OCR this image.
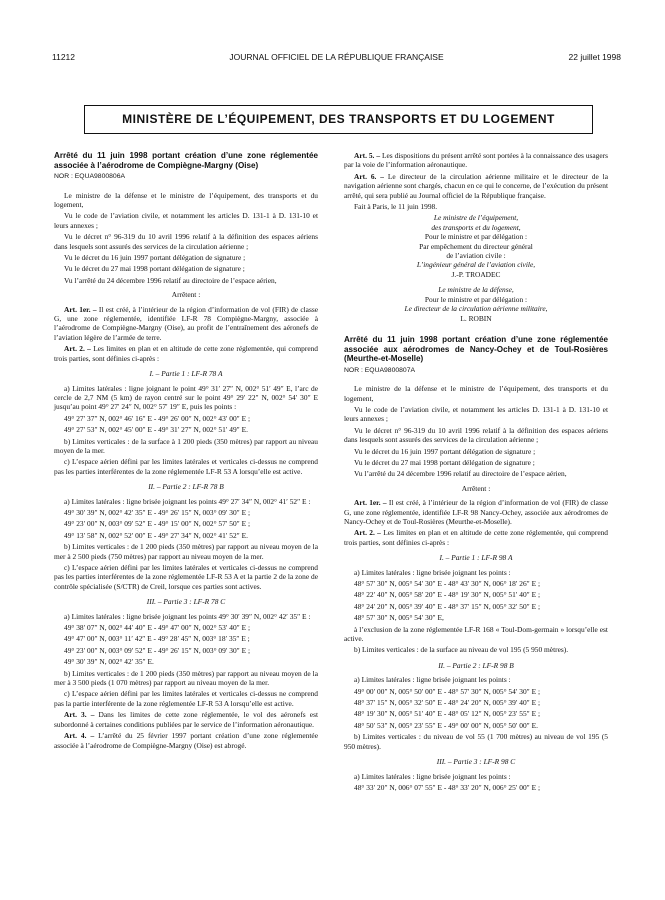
11212	JOURNAL OFFICIEL DE LA RÉPUBLIQUE FRANÇAISE	22 juillet 1998
MINISTÈRE DE L’ÉQUIPEMENT, DES TRANSPORTS ET DU LOGEMENT

Arrêté du 11 juin 1998 portant création d’une zone réglementée associée à l’aérodrome de Compiègne-Margny (Oise)

NOR : EQUA9800806A

Le ministre de la défense et le ministre de l’équipement, des transports et du logement,

Vu le code de l’aviation civile, et notamment les articles D. 131-1 à D. 131-10 et leurs annexes ;

Vu le décret n° 96-319 du 10 avril 1996 relatif à la définition des espaces aériens dans lesquels sont assurés des services de la circulation aérienne ;

Vu le décret du 16 juin 1997 portant délégation de signature ;

Vu le décret du 27 mai 1998 portant délégation de signature ;

Vu l’arrêté du 24 décembre 1996 relatif au directoire de l’espace aérien,

Arrêtent :

Art. 1er. – Il est créé, à l’intérieur de la région d’information de vol (FIR) de classe G, une zone réglementée, identifiée LF-R 78 Compiègne-Margny, associée à l’aérodrome de Compiègne-Margny (Oise), au profit de l’entraînement des aéronefs de l’aviation légère de l’armée de terre.

Art. 2. – Les limites en plan et en altitude de cette zone réglementée, qui comprend trois parties, sont définies ci-après :

I. – Partie 1 : LF-R 78 A

a) Limites latérales : ligne joignant le point 49° 31′ 27″ N, 002° 51′ 49″ E, l’arc de cercle de 2,7 NM (5 km) de rayon centré sur le point 49° 29′ 22″ N, 002° 54′ 30″ E jusqu’au point 49° 27′ 24″ N, 002° 57′ 19″ E, puis les points :

49° 27′ 37″ N, 002° 46′ 16″ E - 49° 26′ 00″ N, 002° 43′ 00″ E ;

49° 27′ 53″ N, 002° 45′ 00″ E - 49° 31′ 27″ N, 002° 51′ 49″ E.

b) Limites verticales : de la surface à 1 200 pieds (350 mètres) par rapport au niveau moyen de la mer.

c) L’espace aérien défini par les limites latérales et verticales ci-dessus ne comprend pas les parties interférentes de la zone réglementée LF-R 53 A lorsqu’elle est active.

II. – Partie 2 : LF-R 78 B

a) Limites latérales : ligne brisée joignant les points 49° 27′ 34″ N, 002° 41′ 52″ E :

49° 30′ 39″ N, 002° 42′ 35″ E - 49° 26′ 15″ N, 003° 09′ 30″ E ;

49° 23′ 00″ N, 003° 09′ 52″ E - 49° 15′ 00″ N, 002° 57′ 50″ E ;

49° 13′ 58″ N, 002° 52′ 00″ E - 49° 27′ 34″ N, 002° 41′ 52″ E.

b) Limites verticales : de 1 200 pieds (350 mètres) par rapport au niveau moyen de la mer à 2 500 pieds (750 mètres) par rapport au niveau moyen de la mer.

c) L’espace aérien défini par les limites latérales et verticales ci-dessus ne comprend pas les parties interférentes de la zone réglementée LF-R 53 A et la partie 2 de la zone de contrôle spécialisée (S/CTR) de Creil, lorsque ces parties sont actives.

III. – Partie 3 : LF-R 78 C

a) Limites latérales : ligne brisée joignant les points 49° 30′ 39″ N, 002° 42′ 35″ E :

49° 38′ 07″ N, 002° 44′ 40″ E - 49° 47′ 00″ N, 002° 53′ 40″ E ;

49° 47′ 00″ N, 003° 11′ 42″ E - 49° 28′ 45″ N, 003° 18′ 35″ E ;

49° 23′ 00″ N, 003° 09′ 52″ E - 49° 26′ 15″ N, 003° 09′ 30″ E ;

49° 30′ 39″ N, 002° 42′ 35″ E.

b) Limites verticales : de 1 200 pieds (350 mètres) par rapport au niveau moyen de la mer à 3 500 pieds (1 070 mètres) par rapport au niveau moyen de la mer.

c) L’espace aérien défini par les limites latérales et verticales ci-dessus ne comprend pas la partie interférente de la zone réglementée LF-R 53 A lorsqu’elle est active.

Art. 3. – Dans les limites de cette zone réglementée, le vol des aéronefs est subordonné à certaines conditions publiées par le service de l’information aéronautique.

Art. 4. – L’arrêté du 25 février 1997 portant création d’une zone réglementée associée à l’aérodrome de Compiègne-Margny (Oise) est abrogé.

Art. 5. – Les dispositions du présent arrêté sont portées à la connaissance des usagers par la voie de l’information aéronautique.

Art. 6. – Le directeur de la circulation aérienne militaire et le directeur de la navigation aérienne sont chargés, chacun en ce qui le concerne, de l’exécution du présent arrêté, qui sera publié au Journal officiel de la République française.

Fait à Paris, le 11 juin 1998.

Le ministre de l’équipement,

des transports et du logement,

Pour le ministre et par délégation :

Par empêchement du directeur général

de l’aviation civile :

L’ingénieur général de l’aviation civile,

J.-P. TROADEC

Le ministre de la défense,

Pour le ministre et par délégation :

Le directeur de la circulation aérienne militaire,

L. ROBIN

Arrêté du 11 juin 1998 portant création d’une zone réglementée associée aux aérodromes de Nancy-Ochey et de Toul-Rosières (Meurthe-et-Moselle)

NOR : EQUA9800807A

Le ministre de la défense et le ministre de l’équipement, des transports et du logement,

Vu le code de l’aviation civile, et notamment les articles D. 131-1 à D. 131-10 et leurs annexes ;

Vu le décret n° 96-319 du 10 avril 1996 relatif à la définition des espaces aériens dans lesquels sont assurés des services de la circulation aérienne ;

Vu le décret du 16 juin 1997 portant délégation de signature ;

Vu le décret du 27 mai 1998 portant délégation de signature ;

Vu l’arrêté du 24 décembre 1996 relatif au directoire de l’espace aérien,

Arrêtent :

Art. 1er. – Il est créé, à l’intérieur de la région d’information de vol (FIR) de classe G, une zone réglementée, identifiée LF-R 98 Nancy-Ochey, associée aux aérodromes de Nancy-Ochey et de Toul-Rosières (Meurthe-et-Moselle).

Art. 2. – Les limites en plan et en altitude de cette zone réglementée, qui comprend trois parties, sont définies ci-après :

I. – Partie 1 : LF-R 98 A

a) Limites latérales : ligne brisée joignant les points :

48° 57′ 30″ N, 005° 54′ 30″ E - 48° 43′ 30″ N, 006° 18′ 26″ E ;

48° 22′ 40″ N, 005° 58′ 20″ E - 48° 19′ 30″ N, 005° 51′ 40″ E ;

48° 24′ 20″ N, 005° 39′ 40″ E - 48° 37′ 15″ N, 005° 32′ 50″ E ;

48° 57′ 30″ N, 005° 54′ 30″ E,

à l’exclusion de la zone réglementée LF-R 168 « Toul-Dom-germain » lorsqu’elle est active.

b) Limites verticales : de la surface au niveau de vol 195 (5 950 mètres).

II. – Partie 2 : LF-R 98 B

a) Limites latérales : ligne brisée joignant les points :

49° 00′ 00″ N, 005° 50′ 00″ E - 48° 57′ 30″ N, 005° 54′ 30″ E ;

48° 37′ 15″ N, 005° 32′ 50″ E - 48° 24′ 20″ N, 005° 39′ 40″ E ;

48° 19′ 30″ N, 005° 51′ 40″ E - 48° 05′ 12″ N, 005° 23′ 55″ E ;

48° 50′ 53″ N, 005° 23′ 55″ E - 49° 00′ 00″ N, 005° 50′ 00″ E.

b) Limites verticales : du niveau de vol 55 (1 700 mètres) au niveau de vol 195 (5 950 mètres).

III. – Partie 3 : LF-R 98 C

a) Limites latérales : ligne brisée joignant les points :

48° 33′ 20″ N, 006° 07′ 55″ E - 48° 33′ 20″ N, 006° 25′ 00″ E ;
